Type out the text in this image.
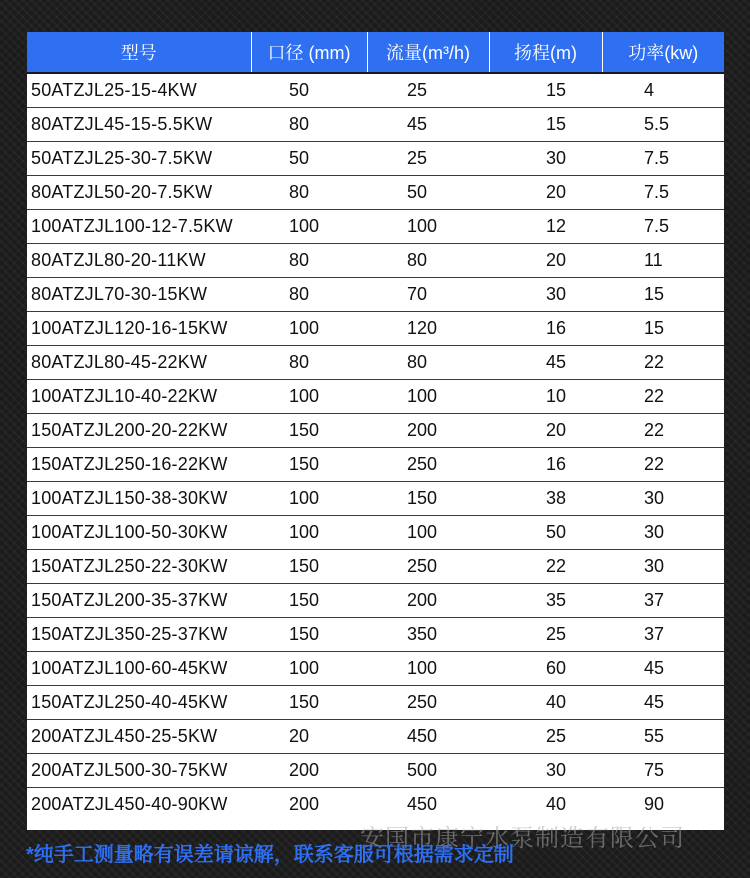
型号	口径 (mm)	流量(m³/h)	扬程(m)	功率(kw)
50ATZJL25-15-4KW	50	25	15	4
80ATZJL45-15-5.5KW	80	45	15	5.5
50ATZJL25-30-7.5KW	50	25	30	7.5
80ATZJL50-20-7.5KW	80	50	20	7.5
100ATZJL100-12-7.5KW	100	100	12	7.5
80ATZJL80-20-11KW	80	80	20	11
80ATZJL70-30-15KW	80	70	30	15
100ATZJL120-16-15KW	100	120	16	15
80ATZJL80-45-22KW	80	80	45	22
100ATZJL10-40-22KW	100	100	10	22
150ATZJL200-20-22KW	150	200	20	22
150ATZJL250-16-22KW	150	250	16	22
100ATZJL150-38-30KW	100	150	38	30
100ATZJL100-50-30KW	100	100	50	30
150ATZJL250-22-30KW	150	250	22	30
150ATZJL200-35-37KW	150	200	35	37
150ATZJL350-25-37KW	150	350	25	37
100ATZJL100-60-45KW	100	100	60	45
150ATZJL250-40-45KW	150	250	40	45
200ATZJL450-25-5KW	20	450	25	55
200ATZJL500-30-75KW	200	500	30	75
200ATZJL450-40-90KW	200	450	40	90
安国市康宁水泵制造有限公司
*纯手工测量略有误差请谅解，联系客服可根据需求定制
